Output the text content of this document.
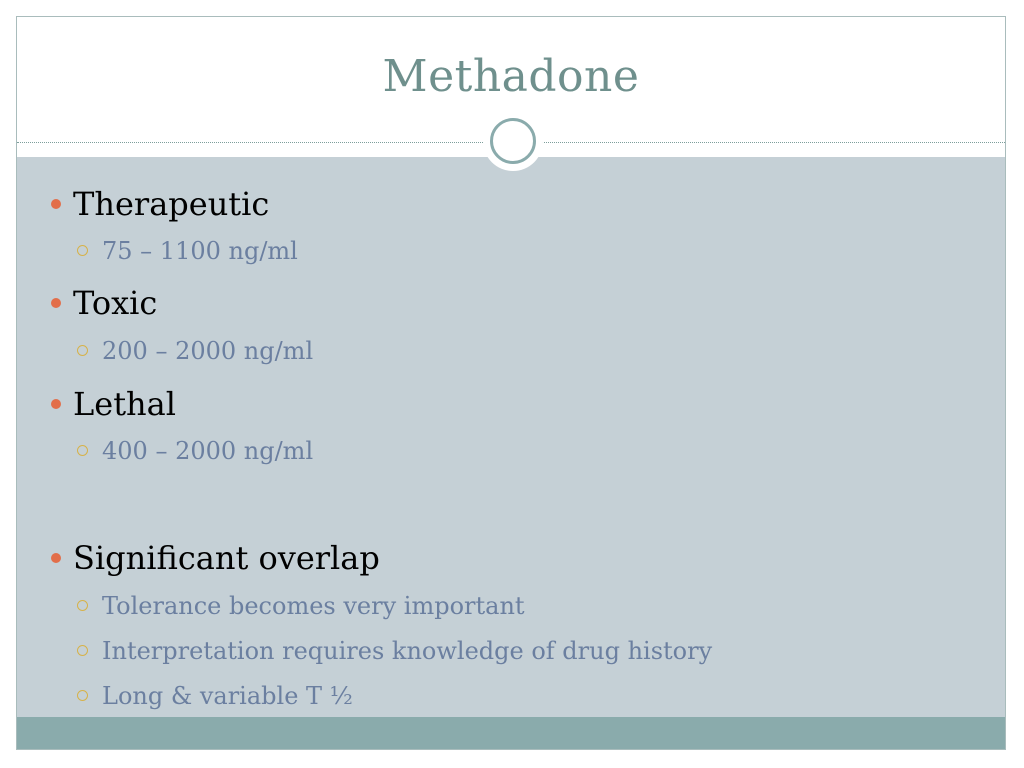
Methadone
Therapeutic
75 – 1100 ng/ml
Toxic
200 – 2000 ng/ml
Lethal
400 – 2000 ng/ml
Significant overlap
Tolerance becomes very important
Interpretation requires knowledge of drug history
Long & variable T ½
